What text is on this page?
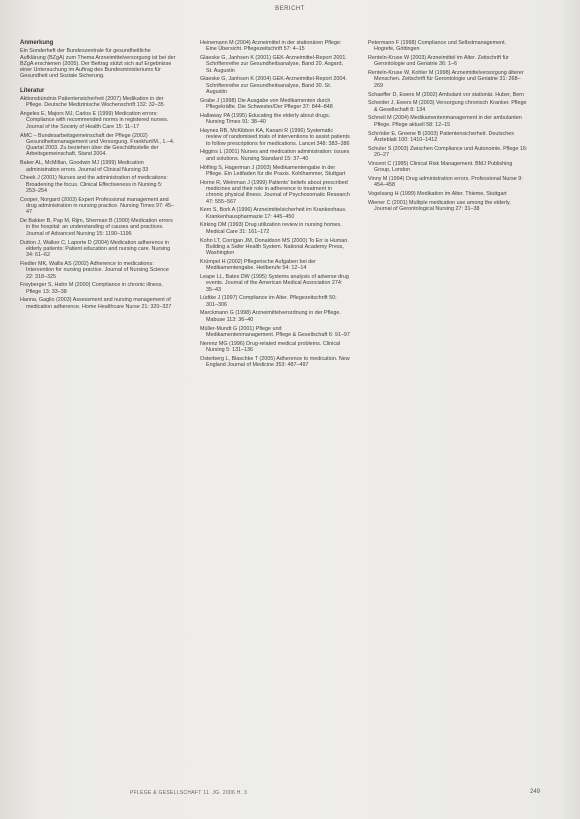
BERICHT
Anmerkung
Ein Sonderheft der Bundeszentrale für gesundheitliche Aufklärung (BZgA) zum Thema Arzneimittelversorgung ist bei der BZgA erschienen (2005). Der Beitrag stützt sich auf Ergebnisse einer Untersuchung im Auftrag des Bundesministeriums für Gesundheit und Soziale Sicherung.
Literatur
Aktionsbündnis Patientensicherheit (2007) Medikation in der Pflege. Deutsche Medizinische Wochenschrift 132: 32–35
Angeles E, Majors MJ, Carlos E (1999) Medication errors: Compliance with recommended norms in registered nurses. Journal of the Society of Health Care 15: 11–17
AMC – Bundesarbeitsgemeinschaft der Pflege (2002) Gesundheitsmanagement und Versorgung. Frankfurt/M., 1.–4. Quartal 2003. Zu beziehen über die Geschäftsstelle der Arbeitsgemeinschaft, Stand 2004.
Baker AL, McMillan, Goodwin MJ (1999) Medication administration errors. Journal of Clinical Nursing 33
Cheek J (2001) Nurses and the administration of medications: Broadening the focus. Clinical Effectiveness in Nursing 5: 253–254
Cooper, Norgard (2003) Expert Professional management and drug administration in nursing practice. Nursing Times 97: 45–47
De Bakker B, Pap M, Rijm, Sherman B (1990) Medication errors in the hospital: an understanding of causes and practices. Journal of Advanced Nursing 15: 1190–1196
Dutton J, Walker C, Laporte D (2004) Medication adherence in elderly patients: Patient education and nursing care. Nursing 34: 61–62
Fiedler MK, Wallis AS (2002) Adherence to medications: Intervention for nursing practice. Journal of Nursing Science 22: 318–325
Freyberger S, Hahn M (2000) Compliance in chronic illness. Pflege 13: 33–38
Hanna, Gaglio (2003) Assessment and nursing management of medication adherence. Home Healthcare Nurse 21: 320–327
Heinemann M (2004) Arzneimittel in der stationären Pflege: Eine Übersicht. Pflegezeitschrift 57: 4–15
Glaeske G, Janhsen K (2001) GEK-Arzneimittel-Report 2001. Schriftenreihe zur Gesundheitsanalyse, Band 20. Asgard, St. Augustin
Glaeske G, Janhsen K (2004) GEK-Arzneimittel-Report 2004. Schriftenreihe zur Gesundheitsanalyse, Band 30. St. Augustin
Grabe J (1998) Die Ausgabe von Medikamenten durch Pflegekräfte. Die Schwester/Der Pfleger 37: 844–848
Hallaway PA (1995) Educating the elderly about drugs. Nursing Times 91: 38–40
Haynes RB, McKibbon KA, Kanani R (1996) Systematic review of randomised trials of interventions to assist patients to follow prescriptions for medications. Lancet 348: 383–386
Higgins L (2001) Nurses and medication administration: issues and solutions. Nursing Standard 15: 37–40
Höfling S, Hagerman J (2003) Medikamentengabe in der Pflege. Ein Leitfaden für die Praxis. Kohlhammer, Stuttgart
Horne R, Weinman J (1999) Patients' beliefs about prescribed medicines and their role in adherence to treatment in chronic physical illness. Journal of Psychosomatic Research 47: 555–567
Kern S, Bork A (1996) Arzneimittelsicherheit im Krankenhaus. Krankenhauspharmazie 17: 445–450
Kirking DM (1993) Drug utilization review in nursing homes. Medical Care 31: 161–172
Kohn LT, Corrigan JM, Donaldson MS (2000) To Err is Human. Building a Safer Health System. National Academy Press, Washington
Krümpel H (2002) Pflegerische Aufgaben bei der Medikamentengabe. Heilberufe 54: 12–14
Leape LL, Bates DW (1995) Systems analysis of adverse drug events. Journal of the American Medical Association 274: 35–43
Lüdtke J (1997) Compliance im Alter. Pflegezeitschrift 50: 301–306
Marckmann G (1998) Arzneimittelverordnung in der Pflege. Mabuse 113: 36–40
Müller-Mundt G (2001) Pflege und Medikamentenmanagement. Pflege & Gesellschaft 6: 91–97
Nerenz MG (1996) Drug-related medical problems. Clinical Nursing 5: 131–136
Osterberg L, Blaschke T (2005) Adherence to medication. New England Journal of Medicine 353: 487–497
Petermann F (1998) Compliance und Selbstmanagement. Hogrefe, Göttingen
Renteln-Kruse W (2003) Arzneimittel im Alter. Zeitschrift für Gerontologie und Geriatrie 36: 1–6
Renteln-Kruse W, Kohler M (1998) Arzneimittelversorgung älterer Menschen. Zeitschrift für Gerontologie und Geriatrie 31: 268–269
Schaeffer D, Ewers M (2002) Ambulant vor stationär. Huber, Bern
Scheider J, Ewers M (2003) Versorgung chronisch Kranker. Pflege & Gesellschaft 8: 134
Schnell M (2004) Medikamentenmanagement in der ambulanten Pflege. Pflege aktuell 58: 12–15
Schröder E, Greene B (2003) Patientensicherheit. Deutsches Ärzteblatt 100: 1410–1412
Schuler S (2003) Zwischen Compliance und Autonomie. Pflege 16: 20–27
Vincent C (1995) Clinical Risk Management. BMJ Publishing Group, London
Vinny M (1994) Drug administration errors. Professional Nurse 9: 454–458
Vogelsang H (1999) Medikation im Alter. Thieme, Stuttgart
Wiener C (2001) Multiple medication use among the elderly. Journal of Gerontological Nursing 27: 31–38
PFLEGE & GESELLSCHAFT 11. JG. 2006 H. 3	249
